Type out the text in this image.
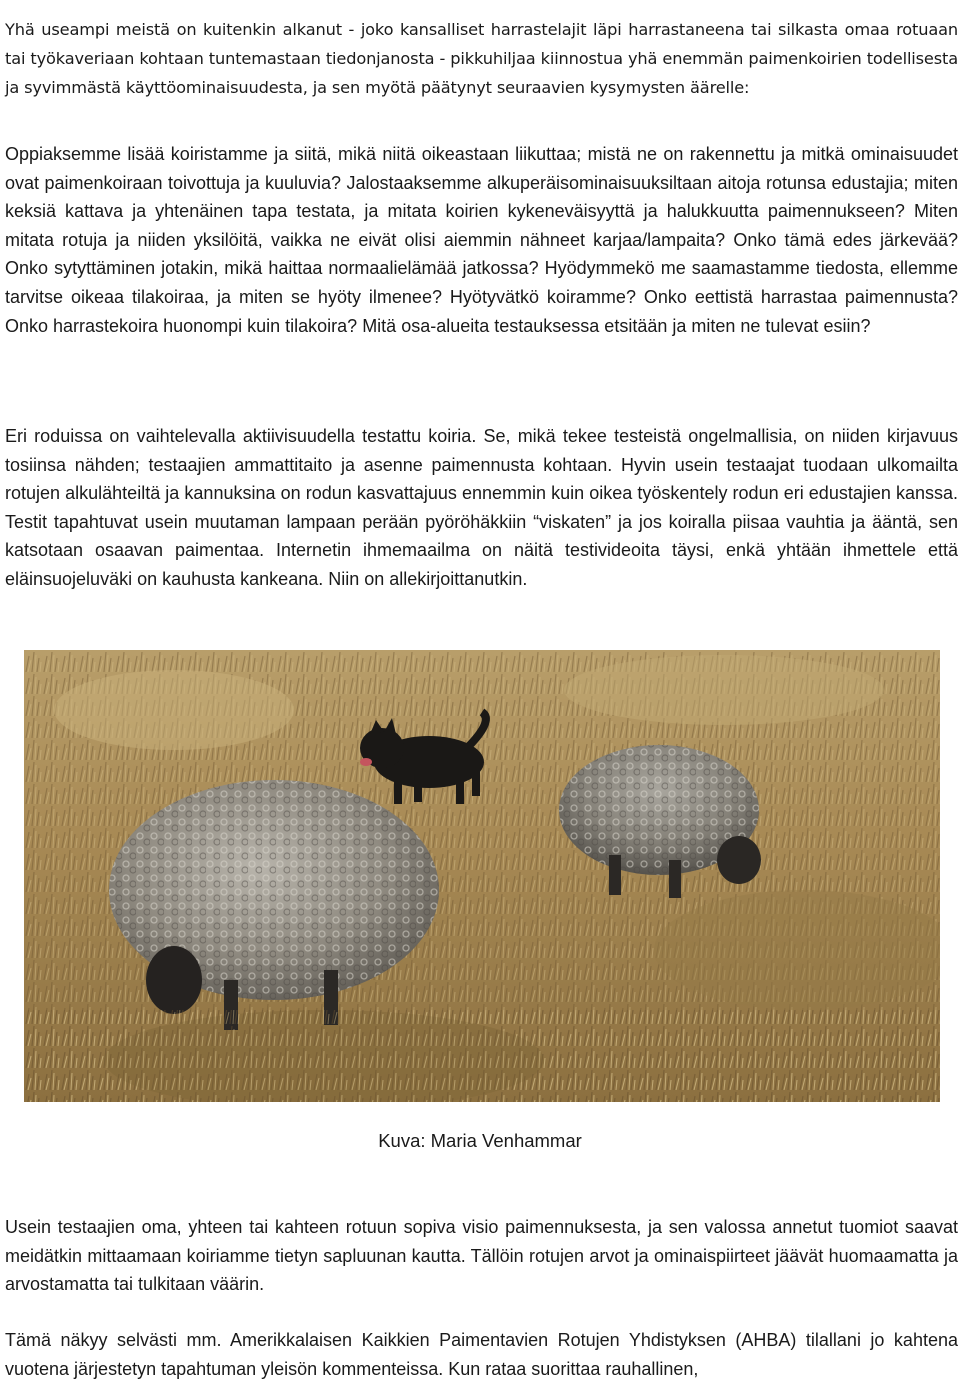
Yhä useampi meistä on kuitenkin alkanut - joko kansalliset harrastelajit läpi harrastaneena tai silkasta omaa rotuaan tai työkaveriaan kohtaan tuntemastaan tiedonjanosta - pikkuhiljaa kiinnostua yhä enemmän paimenkoirien todellisesta ja syvimmästä käyttöominaisuudesta, ja sen myötä päätynyt seuraavien kysymysten äärelle:

Oppiaksemme lisää koiristamme ja siitä, mikä niitä oikeastaan liikuttaa; mistä ne on rakennettu ja mitkä ominaisuudet ovat paimenkoiraan toivottuja ja kuuluvia? Jalostaaksemme alkuperäisominaisuuksiltaan aitoja rotunsa edustajia; miten keksiä kattava ja yhtenäinen tapa testata, ja mitata koirien kykeneväisyyttä ja halukkuutta paimennukseen? Miten mitata rotuja ja niiden yksilöitä, vaikka ne eivät olisi aiemmin nähneet karjaa/lampaita? Onko tämä edes järkevää? Onko sytyttäminen jotakin, mikä haittaa normaalielämää jatkossa? Hyödymmekö me saamastamme tiedosta, ellemme tarvitse oikeaa tilakoiraa, ja miten se hyöty ilmenee? Hyötyvätkö koiramme? Onko eettistä harrastaa paimennusta? Onko harrastekoira huonompi kuin tilakoira? Mitä osa-alueita testauksessa etsitään ja miten ne tulevat esiin?

Eri roduissa on vaihtelevalla aktiivisuudella testattu koiria. Se, mikä tekee testeistä ongelmallisia, on niiden kirjavuus tosiinsa nähden; testaajien ammattitaito ja asenne paimennusta kohtaan. Hyvin usein testaajat tuodaan ulkomailta rotujen alkulähteiltä ja kannuksina on rodun kasvattajuus ennemmin kuin oikea työskentely rodun eri edustajien kanssa. Testit tapahtuvat usein muutaman lampaan perään pyöröhäkkiin “viskaten” ja jos koiralla piisaa vauhtia ja ääntä, sen katsotaan osaavan paimentaa. Internetin ihmemaailma on näitä testivideoita täysi, enkä yhtään ihmettele että eläinsuojeluväki on kauhusta kankeana. Niin on allekirjoittanutkin.

Usein testaajien oma, yhteen tai kahteen rotuun sopiva visio paimennuksesta, ja sen valossa annetut tuomiot saavat meidätkin mittaamaan koiriamme tietyn sapluunan kautta. Tällöin rotujen arvot ja ominaispiirteet jäävät huomaamatta ja arvostamatta tai tulkitaan väärin.

Tämä näkyy selvästi mm. Amerikkalaisen Kaikkien Paimentavien Rotujen Yhdistyksen (AHBA) tilallani jo kahtena vuotena järjestetyn tapahtuman yleisön kommenteissa. Kun rataa suorittaa rauhallinen,

Kuva: Maria Venhammar
